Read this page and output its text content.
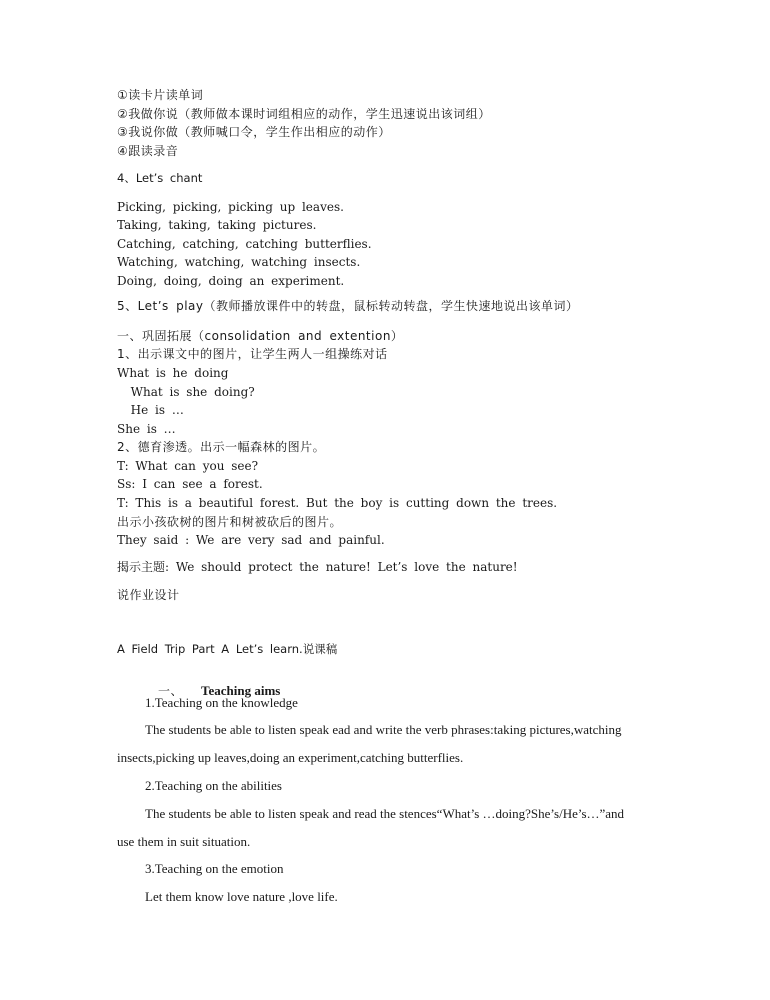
①读卡片读单词
②我做你说（教师做本课时词组相应的动作，学生迅速说出该词组）
③我说你做（教师喊口令，学生作出相应的动作）
④跟读录音
4、Let’s chant
Picking, picking, picking up leaves.
Taking, taking, taking pictures.
Catching, catching, catching butterflies.
Watching, watching, watching insects.
Doing, doing, doing an experiment.
5、Let’s play（教师播放课件中的转盘，鼠标转动转盘，学生快速地说出该单词）
一、巩固拓展（consolidation and extention）
1、出示课文中的图片，让学生两人一组操练对话
What is he doing
What is she doing?
He is …
She is …
2、德育渗透。出示一幅森林的图片。
T: What can you see?
Ss: I can see a forest.
T: This is a beautiful forest. But the boy is cutting down the trees.
出示小孩砍树的图片和树被砍后的图片。
They said : We are very sad and painful.
揭示主题: We should protect the nature! Let’s love the nature!
说作业设计
A Field Trip Part A Let’s learn.说课稿

一、 Teaching aims

1.Teaching on the knowledge
The students be able to listen speak ead and write the verb phrases:taking pictures,watching
insects,picking up leaves,doing an experiment,catching butterflies.
2.Teaching on the abilities
The students be able to listen speak and read the stences“What’s …doing?She’s/He’s…”and
use them in suit situation.
3.Teaching on the emotion
Let them know love nature ,love life.
